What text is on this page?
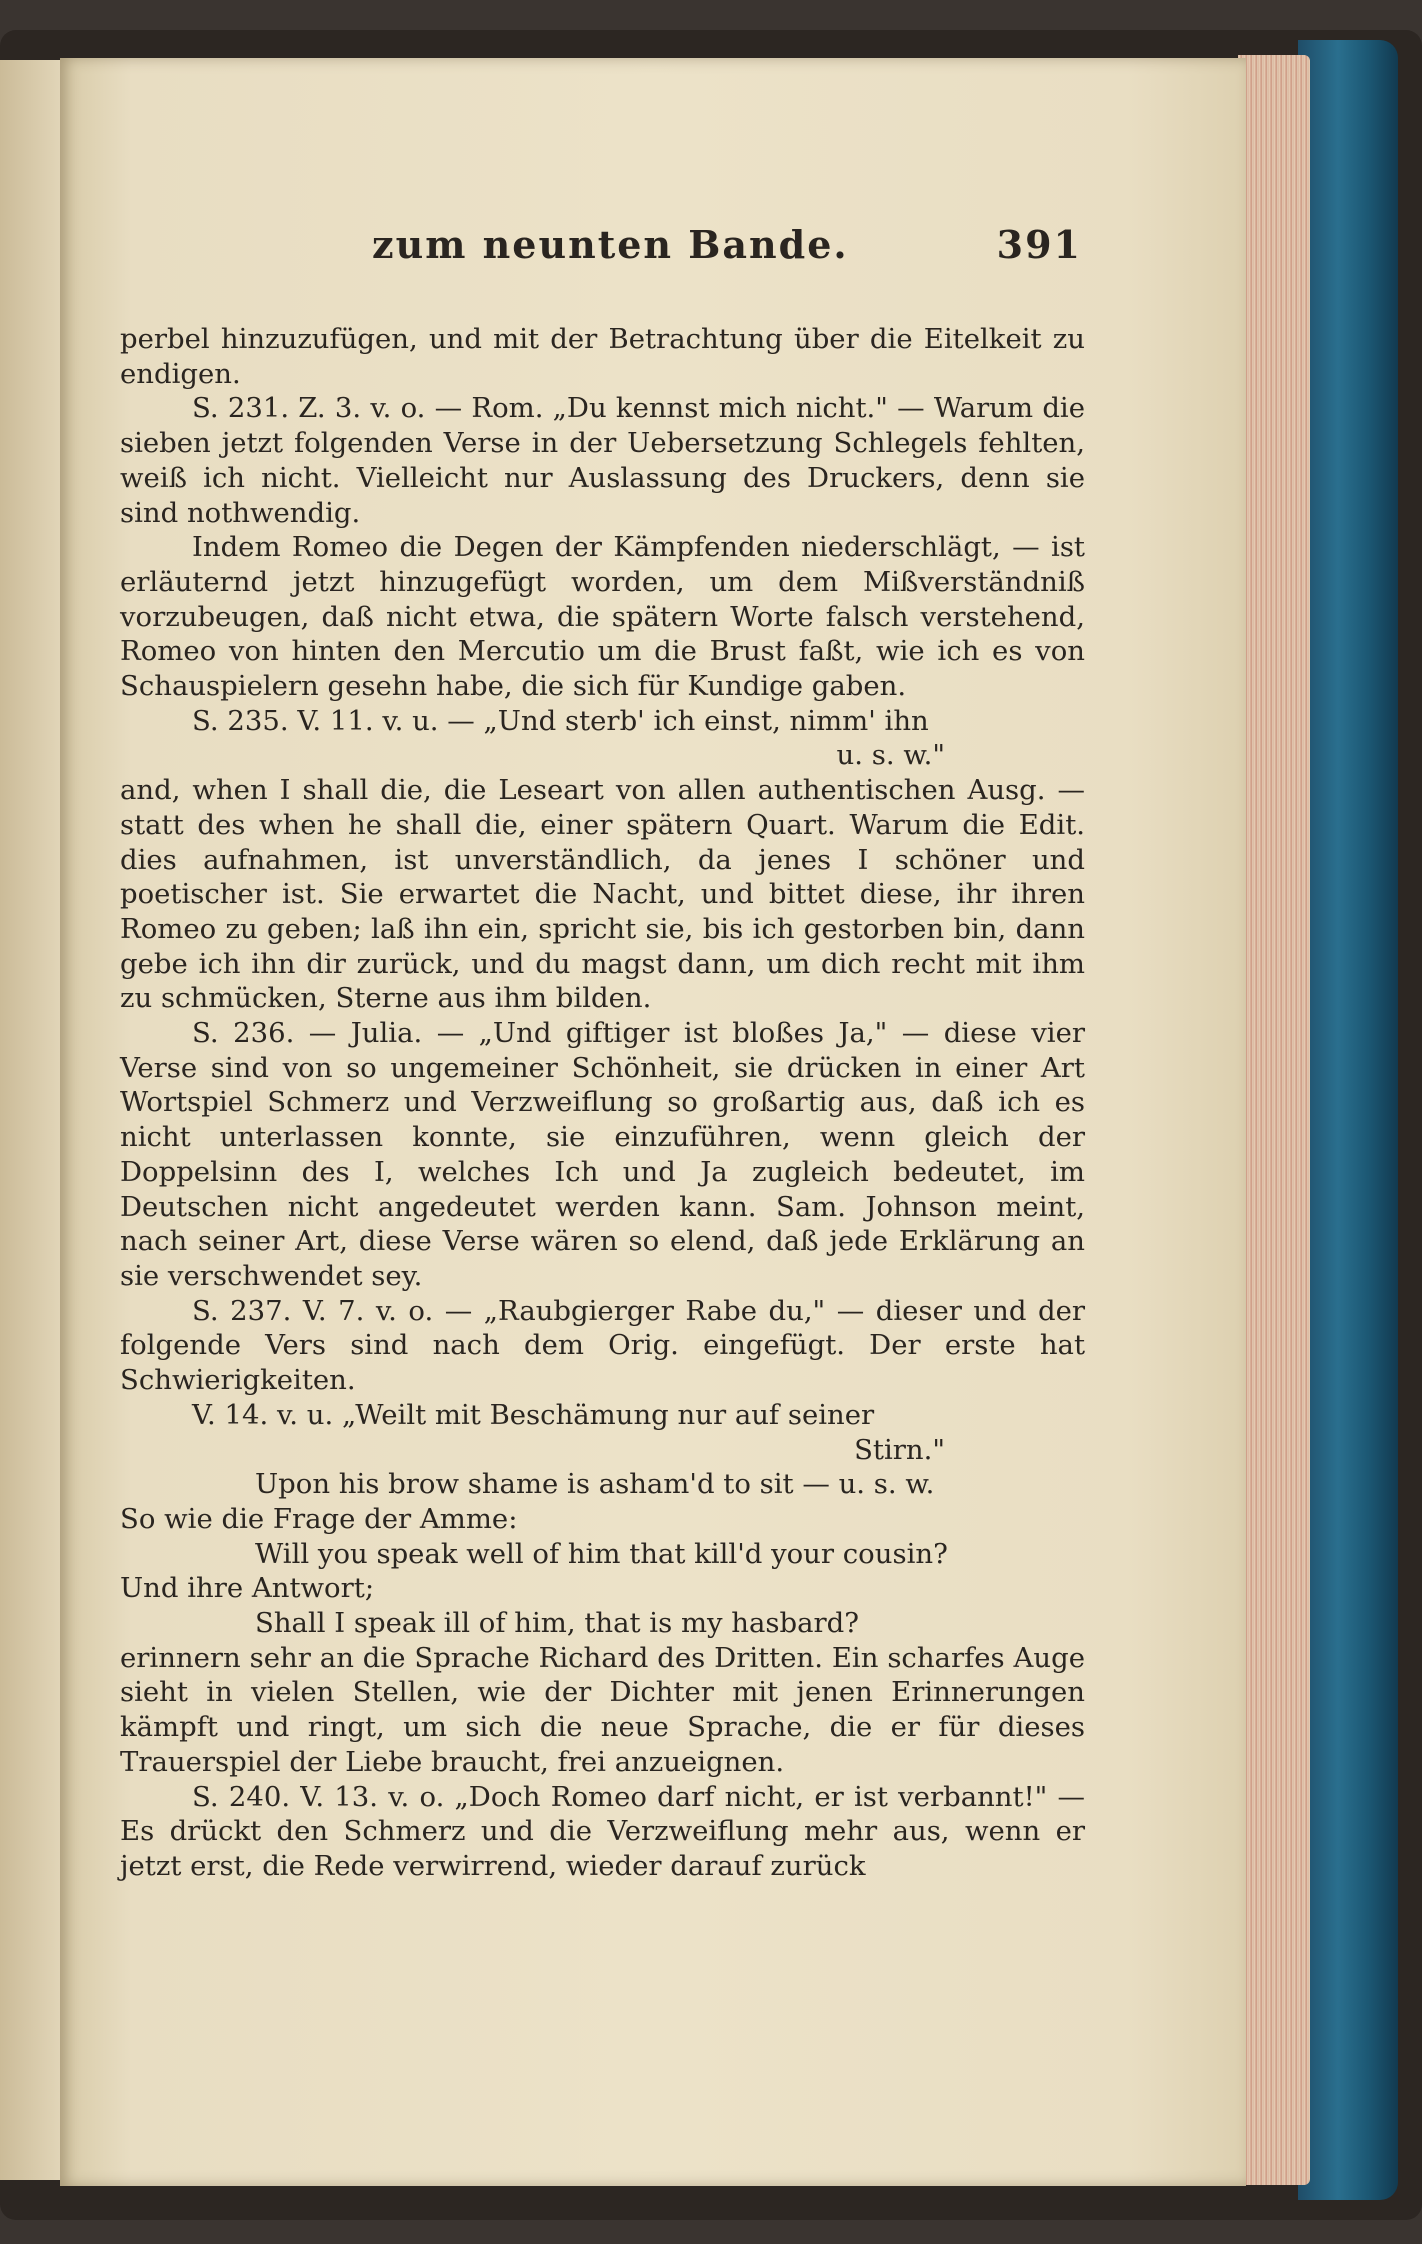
zum neunten Bande.	391

perbel hinzuzufügen, und mit der Betrachtung über die Eitelkeit zu endigen.

S. 231. Z. 3. v. o. — Rom. „Du kennst mich nicht." — Warum die sieben jetzt folgenden Verse in der Uebersetzung Schlegels fehlten, weiß ich nicht. Vielleicht nur Auslassung des Druckers, denn sie sind nothwendig.

Indem Romeo die Degen der Kämpfenden niederschlägt, — ist erläuternd jetzt hinzugefügt worden, um dem Mißverständniß vorzubeugen, daß nicht etwa, die spätern Worte falsch verstehend, Romeo von hinten den Mercutio um die Brust faßt, wie ich es von Schauspielern gesehn habe, die sich für Kundige gaben.

S. 235. V. 11. v. u. — „Und sterb' ich einst, nimm' ihn

u. s. w."

and, when I shall die, die Leseart von allen authentischen Ausg. — statt des when he shall die, einer spätern Quart. Warum die Edit. dies aufnahmen, ist unverständlich, da jenes I schöner und poetischer ist. Sie erwartet die Nacht, und bittet diese, ihr ihren Romeo zu geben; laß ihn ein, spricht sie, bis ich gestorben bin, dann gebe ich ihn dir zurück, und du magst dann, um dich recht mit ihm zu schmücken, Sterne aus ihm bilden.

S. 236. — Julia. — „Und giftiger ist bloßes Ja," — diese vier Verse sind von so ungemeiner Schönheit, sie drücken in einer Art Wortspiel Schmerz und Verzweiflung so großartig aus, daß ich es nicht unterlassen konnte, sie einzuführen, wenn gleich der Doppelsinn des I, welches Ich und Ja zugleich bedeutet, im Deutschen nicht angedeutet werden kann. Sam. Johnson meint, nach seiner Art, diese Verse wären so elend, daß jede Erklärung an sie verschwendet sey.

S. 237. V. 7. v. o. — „Raubgierger Rabe du," — dieser und der folgende Vers sind nach dem Orig. eingefügt. Der erste hat Schwierigkeiten.

V. 14. v. u. „Weilt mit Beschämung nur auf seiner

Stirn."

Upon his brow shame is asham'd to sit — u. s. w.

So wie die Frage der Amme:

Will you speak well of him that kill'd your cousin?

Und ihre Antwort;

Shall I speak ill of him, that is my hasbard?

erinnern sehr an die Sprache Richard des Dritten. Ein scharfes Auge sieht in vielen Stellen, wie der Dichter mit jenen Erinnerungen kämpft und ringt, um sich die neue Sprache, die er für dieses Trauerspiel der Liebe braucht, frei anzueignen.

S. 240. V. 13. v. o. „Doch Romeo darf nicht, er ist verbannt!" — Es drückt den Schmerz und die Verzweiflung mehr aus, wenn er jetzt erst, die Rede verwirrend, wieder darauf zurück
